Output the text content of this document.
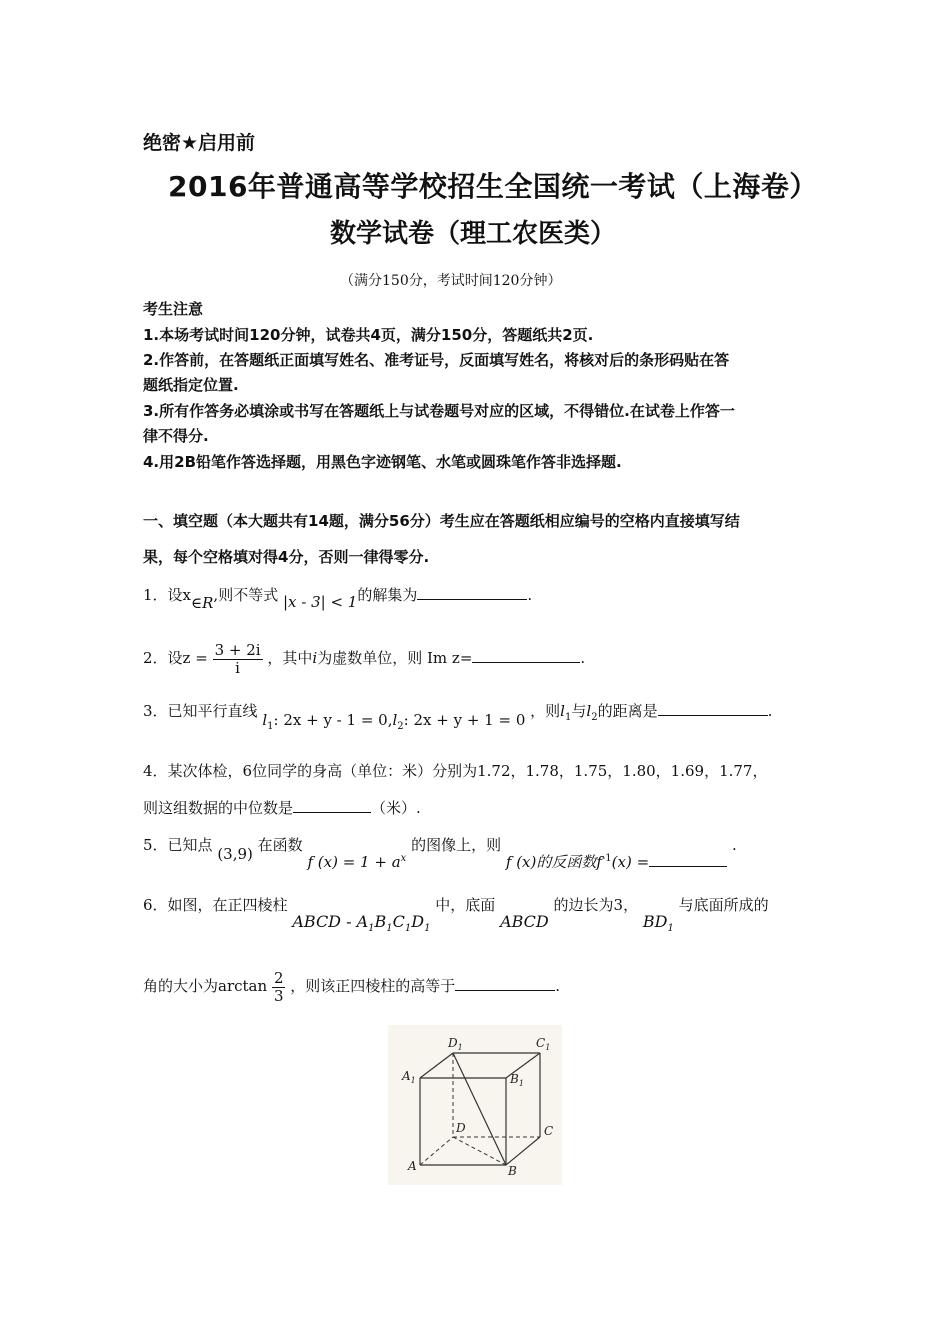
绝密★启用前
2016年普通高等学校招生全国统一考试（上海卷）
数学试卷（理工农医类）
（满分150分，考试时间120分钟）
考生注意
1.本场考试时间120分钟，试卷共4页，满分150分，答题纸共2页.
2.作答前，在答题纸正面填写姓名、准考证号，反面填写姓名，将核对后的条形码贴在答
题纸指定位置.
3.所有作答务必填涂或书写在答题纸上与试卷题号对应的区域，不得错位.在试卷上作答一
律不得分.
4.用2B铅笔作答选择题，用黑色字迹钢笔、水笔或圆珠笔作答非选择题.
一、填空题（本大题共有14题，满分56分）考生应在答题纸相应编号的空格内直接填写结
果，每个空格填对得4分，否则一律得零分.
1．设x∈R,则不等式 |x - 3| < 1的解集为	.
2．设$z = \frac{3 + 2i}{i}$ ，其中i为虚数单位，则 Im z=	.
3．已知平行直线 $l_1$: $2x + y - 1 = 0,l_2$: 2x + y + 1 = 0 ，则$l_1$与$l_2$的距离是	.
4．某次体检，6位同学的身高（单位：米）分别为1.72，1.78，1.75，1.80，1.69，1.77，
则这组数据的中位数是	（米）.
5．已知点 (3,9) 在函数 f $(x) = 1 + a^x$ 的图像上，则 f (x)的反函数$f^{-1}(x)$ = .
6．如图，在正四棱柱 ABCD - $A_1B_1C_1D_1$ 中，底面 ABCD 的边长为3， $BD_1$ 与底面所成的
角的大小为$\arctan \frac{2}{3}$ ，则该正四棱柱的高等于	.
$D_1$	$C_1$
$A_1$	$B_1$
D	C
A	B
